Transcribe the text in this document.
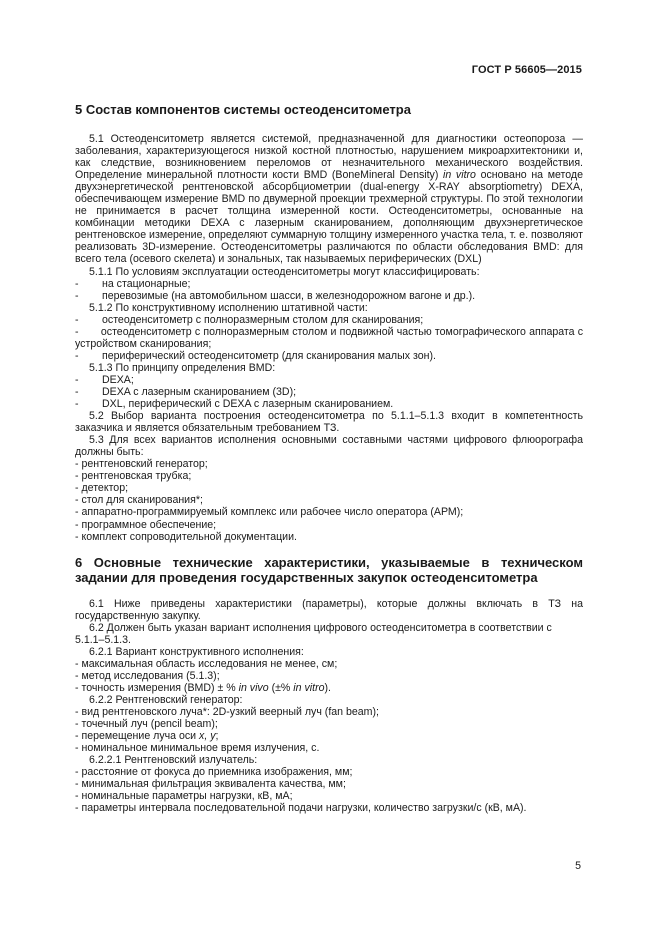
ГОСТ Р 56605—2015
5 Состав компонентов системы остеоденситометра

5.1 Остеоденситометр является системой, предназначенной для диагностики остеопороза — заболевания, характеризующегося низкой костной плотностью, нарушением микроархитектоники и, как следствие, возникновением переломов от незначительного механического воздействия. Определение минеральной плотности кости BMD (BoneMineral Density) in vitro основано на методе двухэнергетической рентгеновской абсорбциометрии (dual-energy X-RAY absorptiometry) DEXA, обеспечивающем измерение BMD по двумерной проекции трехмерной структуры. По этой технологии не принимается в расчет толщина измеренной кости. Остеоденситометры, основанные на комбинации методики DEXA с лазерным сканированием, дополняющим двухэнергетическое рентгеновское измерение, определяют суммарную толщину измеренного участка тела, т. е. позволяют реализовать 3D-измерение. Остеоденситометры различаются по области обследования BMD: для всего тела (осевого скелета) и зональных, так называемых периферических (DXL)

5.1.1 По условиям эксплуатации остеоденситометры могут классифицировать:

-	на стационарные;
-	перевозимые (на автомобильном шасси, в железнодорожном вагоне и др.).

5.1.2 По конструктивному исполнению штативной части:

-	остеоденситометр с полноразмерным столом для сканирования;

-       остеоденситометр с полноразмерным столом и подвижной частью томографического аппарата с устройством сканирования;

-	периферический остеоденситометр (для сканирования малых зон).

5.1.3 По принципу определения BMD:

-	DEXA;
-	DEXA с лазерным сканированием (3D);
-	DXL, периферический с DEXA с лазерным сканированием.

5.2 Выбор варианта построения остеоденситометра по 5.1.1–5.1.3 входит в компетентность заказчика и является обязательным требованием ТЗ.

5.3 Для всех вариантов исполнения основными составными частями цифрового флюорографа должны быть:

- рентгеновский генератор;

- рентгеновская трубка;

- детектор;

- стол для сканирования*;

- аппаратно-программируемый комплекс или рабочее число оператора (АРМ);

- программное обеспечение;

- комплект сопроводительной документации.

6 Основные технические характеристики, указываемые в техническом задании для проведения государственных закупок остеоденситометра

6.1 Ниже приведены характеристики (параметры), которые должны включать в ТЗ на государственную закупку.

6.2 Должен быть указан вариант исполнения цифрового остеоденситометра в соответствии с 5.1.1–5.1.3.

6.2.1 Вариант конструктивного исполнения:

- максимальная область исследования не менее, см;

- метод исследования (5.1.3);

- точность измерения (BMD) ± % in vivo (±% in vitro).

6.2.2 Рентгеновский генератор:

- вид рентгеновского луча*: 2D-узкий веерный луч (fan beam);

- точечный луч (pencil beam);

- перемещение луча оси x, y;

- номинальное минимальное время излучения, с.

6.2.2.1 Рентгеновский излучатель:

- расстояние от фокуса до приемника изображения, мм;

- минимальная фильтрация эквивалента качества, мм;

- номинальные параметры нагрузки, кВ, мА;

- параметры интервала последовательной подачи нагрузки, количество загрузки/с (кВ, мА).

5
